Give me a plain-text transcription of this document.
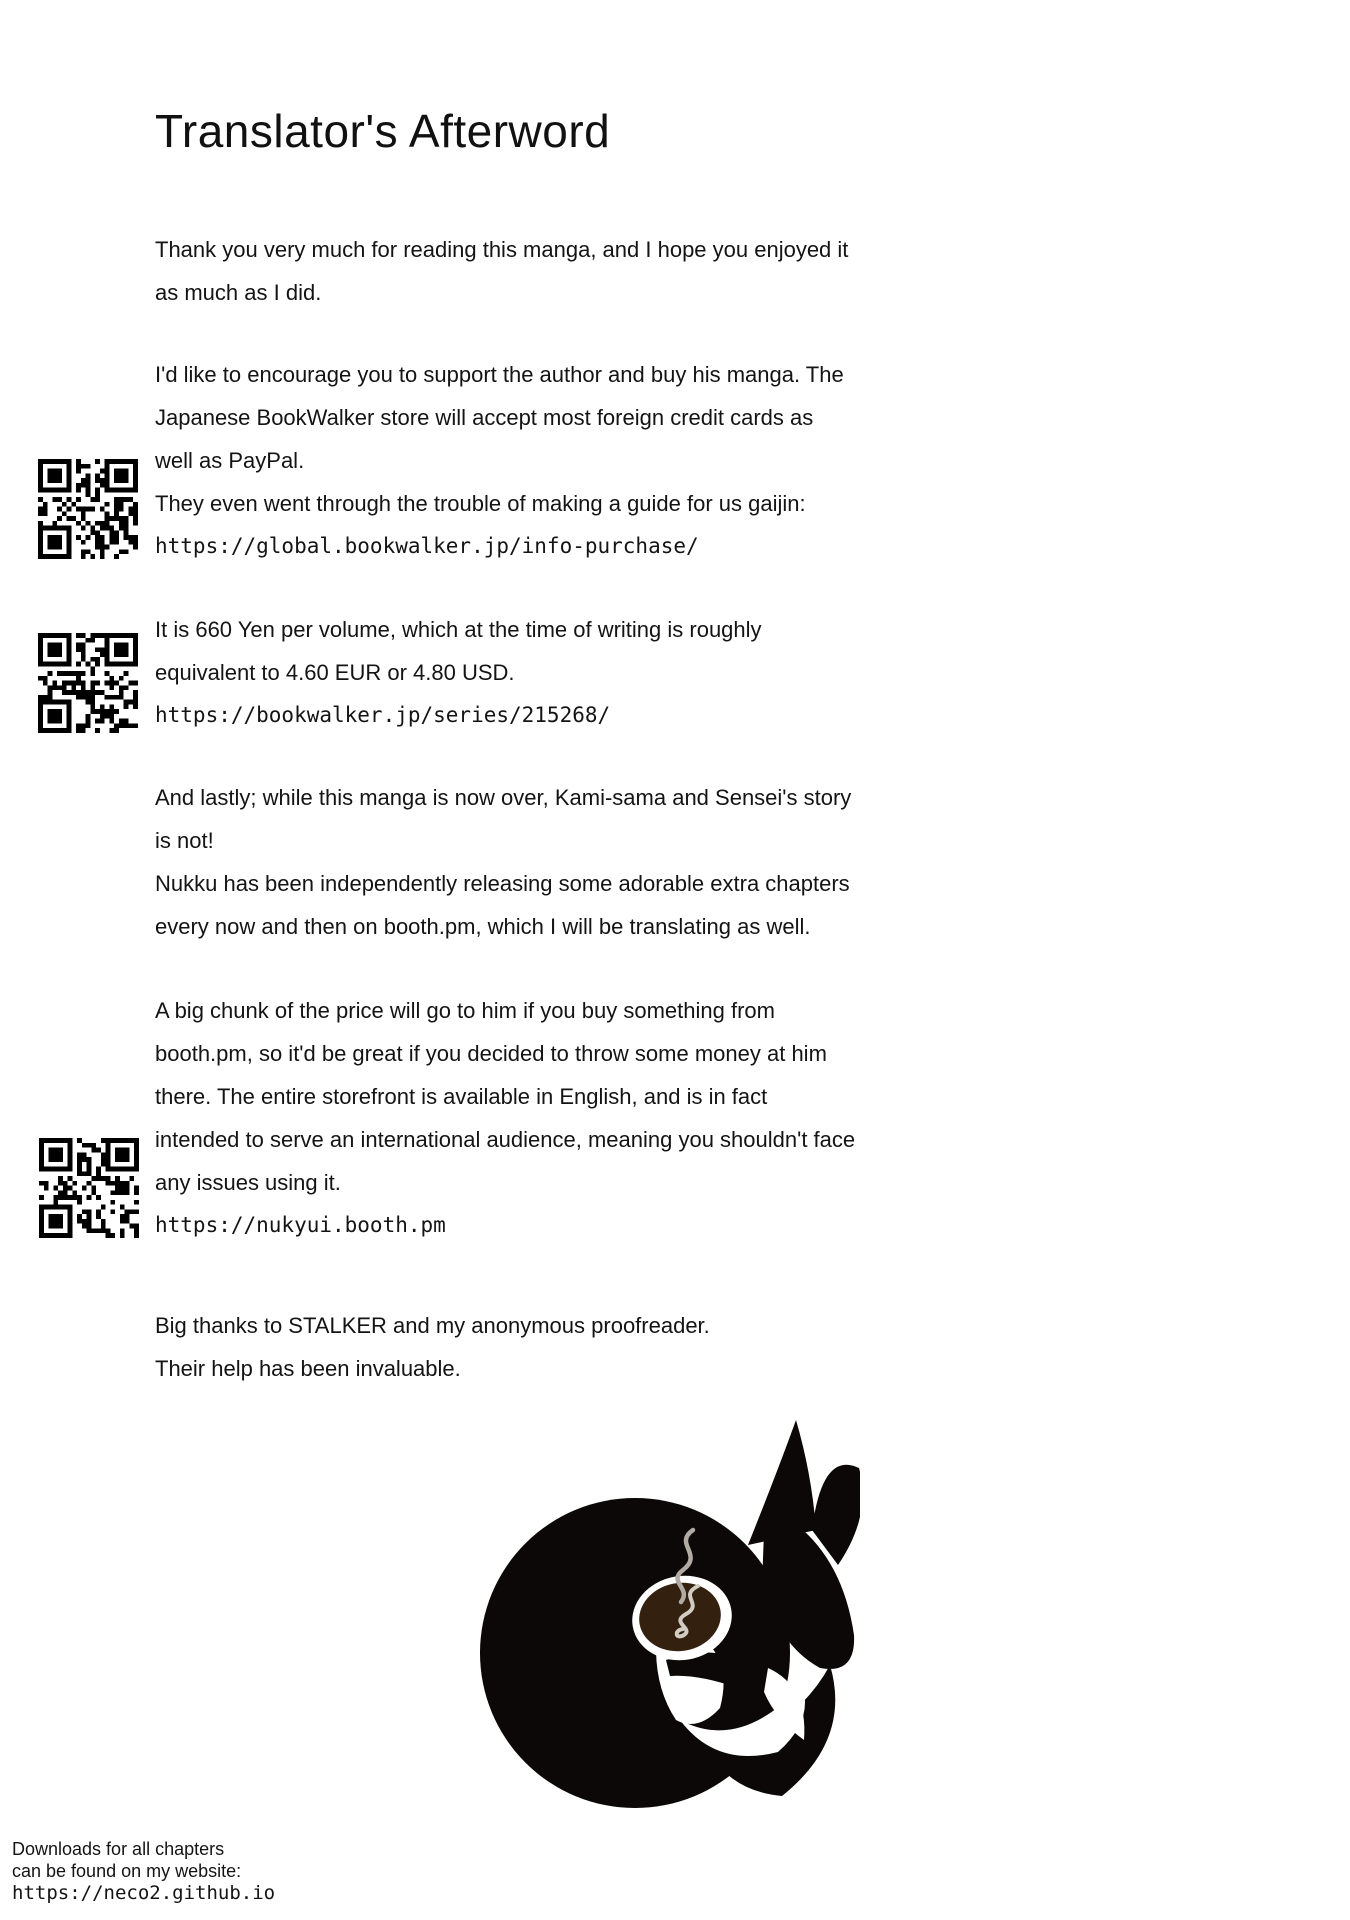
Translator's Afterword
Thank you very much for reading this manga, and I hope you enjoyed it
as much as I did.
I'd like to encourage you to support the author and buy his manga. The
Japanese BookWalker store will accept most foreign credit cards as
well as PayPal.
They even went through the trouble of making a guide for us gaijin:
https://global.bookwalker.jp/info-purchase/
It is 660 Yen per volume, which at the time of writing is roughly
equivalent to 4.60 EUR or 4.80 USD.
https://bookwalker.jp/series/215268/
And lastly; while this manga is now over, Kami-sama and Sensei's story
is not!
Nukku has been independently releasing some adorable extra chapters
every now and then on booth.pm, which I will be translating as well.
A big chunk of the price will go to him if you buy something from
booth.pm, so it'd be great if you decided to throw some money at him
there. The entire storefront is available in English, and is in fact
intended to serve an international audience, meaning you shouldn't face
any issues using it.
https://nukyui.booth.pm
Big thanks to STALKER and my anonymous proofreader.
Their help has been invaluable.
Downloads for all chapters
can be found on my website:
https://neco2.github.io
